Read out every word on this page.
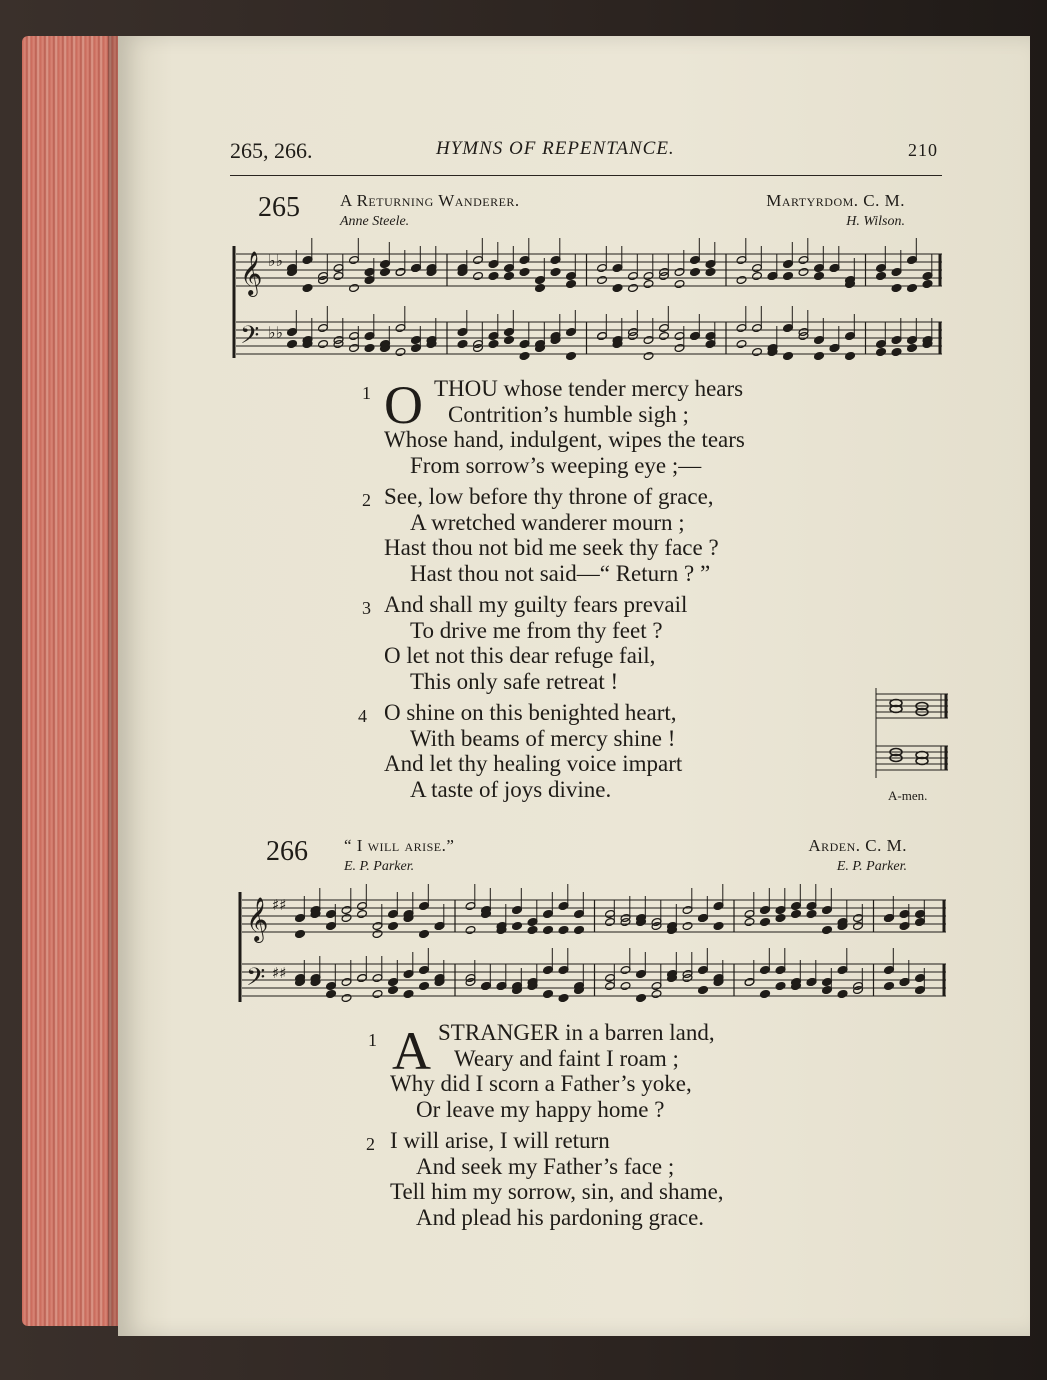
265, 266.	HYMNS OF REPENTANCE.	210
265 A Returning Wanderer.	Martyrdom. C. M.
Anne Steele.	H. Wilson.
𝄞
𝄢
♭♭
♭♭
1 O THOU whose tender mercy hears
Contrition’s humble sigh ;
Whose hand, indulgent, wipes the tears
From sorrow’s weeping eye ;—
2 See, low before thy throne of grace,
A wretched wanderer mourn ;
Hast thou not bid me seek thy face ?
Hast thou not said—“ Return ? ”
3 And shall my guilty fears prevail
To drive me from thy feet ?
O let not this dear refuge fail,
This only safe retreat !
4 O shine on this benighted heart,
With beams of mercy shine !
And let thy healing voice impart
A taste of joys divine.	A-men.
266 “ I will arise.”	Arden. C. M.
E. P. Parker.	E. P. Parker.
𝄞
𝄢
♯♯
♯♯
1 A STRANGER in a barren land,
Weary and faint I roam ;
Why did I scorn a Father’s yoke,
Or leave my happy home ?
2 I will arise, I will return
And seek my Father’s face ;
Tell him my sorrow, sin, and shame,
And plead his pardoning grace.
